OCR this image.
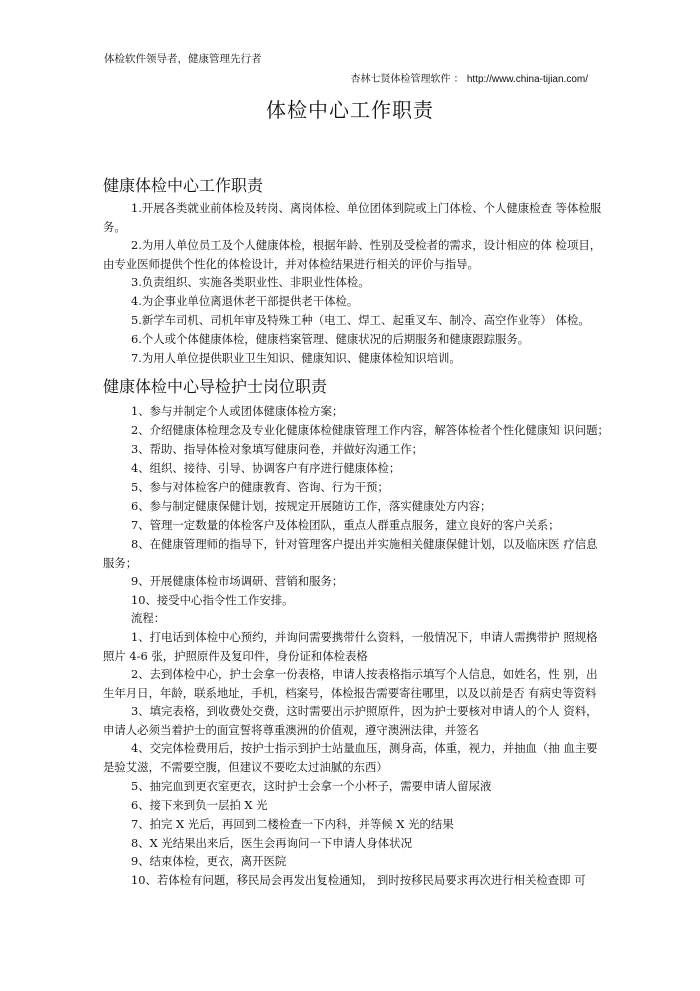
体检软件领导者，健康管理先行者
杏林七贤体检管理软件 ： http://www.china-tijian.com/
体检中心工作职责
健康体检中心工作职责

1.开展各类就业前体检及转岗、离岗体检、单位团体到院或上门体检、个人健康检查 等体检服务。

2.为用人单位员工及个人健康体检，根据年龄、性别及受检者的需求，设计相应的体 检项目，由专业医师提供个性化的体检设计，并对体检结果进行相关的评价与指导。

3.负责组织、实施各类职业性、非职业性体检。

4.为企事业单位离退休老干部提供老干体检。

5.新学车司机、司机年审及特殊工种（电工、焊工、起重叉车、制冷、高空作业等） 体检。

6.个人或个体健康体检，健康档案管理、健康状况的后期服务和健康跟踪服务。

7.为用人单位提供职业卫生知识、健康知识、健康体检知识培训。

健康体检中心导检护士岗位职责

1、参与并制定个人或团体健康体检方案；

2、介绍健康体检理念及专业化健康体检健康管理工作内容，解答体检者个性化健康知 识问题；

3、帮助、指导体检对象填写健康问卷，并做好沟通工作；

4、组织、接待、引导、协调客户有序进行健康体检；

5、参与对体检客户的健康教育、咨询、行为干预；

6、参与制定健康保健计划，按规定开展随访工作，落实健康处方内容；

7、管理一定数量的体检客户及体检团队，重点人群重点服务，建立良好的客户关系；

8、在健康管理师的指导下，针对管理客户提出并实施相关健康保健计划，以及临床医 疗信息服务；

9、开展健康体检市场调研、营销和服务；

10、接受中心指令性工作安排。

流程：

1、打电话到体检中心预约，并询问需要携带什么资料，一般情况下，申请人需携带护 照规格照片 4-6 张，护照原件及复印件，身份证和体检表格

2、去到体检中心，护士会拿一份表格，申请人按表格指示填写个人信息，如姓名，性 别，出生年月日，年龄，联系地址，手机，档案号，体检报告需要寄往哪里，以及以前是否 有病史等资料

3、填完表格，到收费处交费，这时需要出示护照原件，因为护士要核对申请人的个人 资料，申请人必须当着护士的面宣誓将尊重澳洲的价值观，遵守澳洲法律，并签名

4、交完体检费用后，按护士指示到护士站量血压，测身高，体重，视力，并抽血（抽 血主要是验艾滋，不需要空腹，但建议不要吃太过油腻的东西）

5、抽完血到更衣室更衣，这时护士会拿一个小杯子，需要申请人留尿液

6、接下来到负一层拍 X 光

7、拍完 X 光后，再回到二楼检查一下内科，并等候 X 光的结果

8、X 光结果出来后，医生会再询问一下申请人身体状况

9、结束体检，更衣，离开医院

10、若体检有问题，移民局会再发出复检通知， 到时按移民局要求再次进行相关检查即 可
